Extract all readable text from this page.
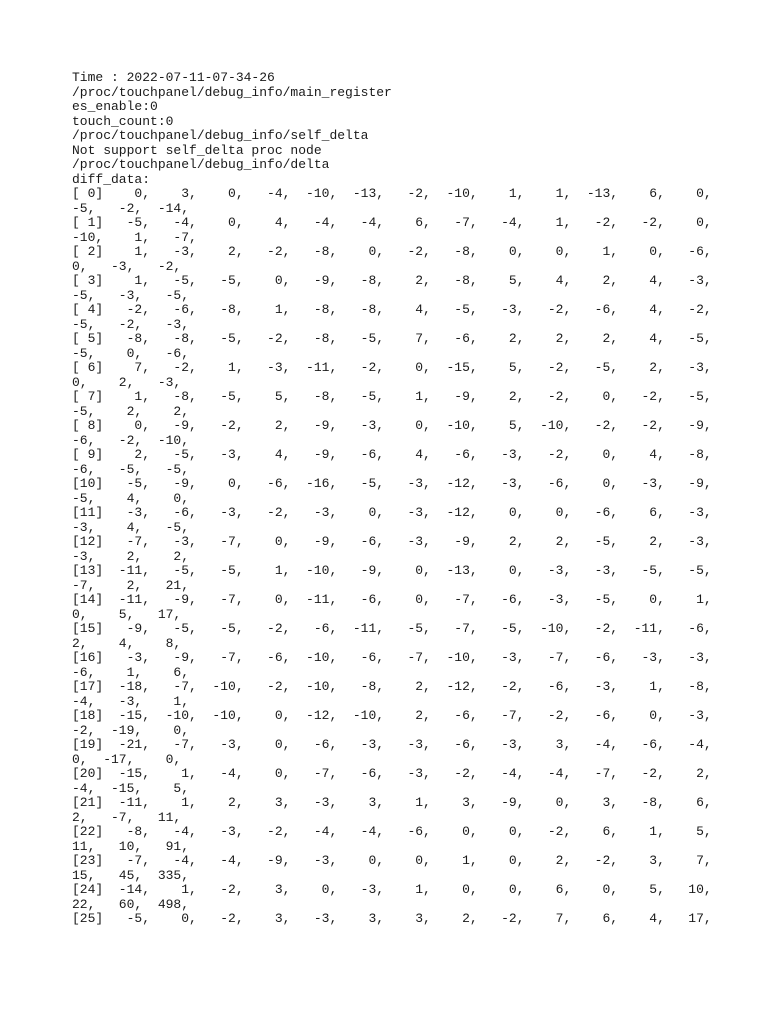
Time : 2022-07-11-07-34-26
/proc/touchpanel/debug_info/main_register
es_enable:0
touch_count:0
/proc/touchpanel/debug_info/self_delta
Not support self_delta proc node
/proc/touchpanel/debug_info/delta
diff_data:
[ 0]    0,    3,    0,   -4,  -10,  -13,   -2,  -10,    1,    1,  -13,    6,    0,
-5,   -2,  -14,
[ 1]   -5,   -4,    0,    4,   -4,   -4,    6,   -7,   -4,    1,   -2,   -2,    0,
-10,    1,   -7,
[ 2]    1,   -3,    2,   -2,   -8,    0,   -2,   -8,    0,    0,    1,    0,   -6,
0,   -3,   -2,
[ 3]    1,   -5,   -5,    0,   -9,   -8,    2,   -8,    5,    4,    2,    4,   -3,
-5,   -3,   -5,
[ 4]   -2,   -6,   -8,    1,   -8,   -8,    4,   -5,   -3,   -2,   -6,    4,   -2,
-5,   -2,   -3,
[ 5]   -8,   -8,   -5,   -2,   -8,   -5,    7,   -6,    2,    2,    2,    4,   -5,
-5,    0,   -6,
[ 6]    7,   -2,    1,   -3,  -11,   -2,    0,  -15,    5,   -2,   -5,    2,   -3,
0,    2,   -3,
[ 7]    1,   -8,   -5,    5,   -8,   -5,    1,   -9,    2,   -2,    0,   -2,   -5,
-5,    2,    2,
[ 8]    0,   -9,   -2,    2,   -9,   -3,    0,  -10,    5,  -10,   -2,   -2,   -9,
-6,   -2,  -10,
[ 9]    2,   -5,   -3,    4,   -9,   -6,    4,   -6,   -3,   -2,    0,    4,   -8,
-6,   -5,   -5,
[10]   -5,   -9,    0,   -6,  -16,   -5,   -3,  -12,   -3,   -6,    0,   -3,   -9,
-5,    4,    0,
[11]   -3,   -6,   -3,   -2,   -3,    0,   -3,  -12,    0,    0,   -6,    6,   -3,
-3,    4,   -5,
[12]   -7,   -3,   -7,    0,   -9,   -6,   -3,   -9,    2,    2,   -5,    2,   -3,
-3,    2,    2,
[13]  -11,   -5,   -5,    1,  -10,   -9,    0,  -13,    0,   -3,   -3,   -5,   -5,
-7,    2,   21,
[14]  -11,   -9,   -7,    0,  -11,   -6,    0,   -7,   -6,   -3,   -5,    0,    1,
0,    5,   17,
[15]   -9,   -5,   -5,   -2,   -6,  -11,   -5,   -7,   -5,  -10,   -2,  -11,   -6,
2,    4,    8,
[16]   -3,   -9,   -7,   -6,  -10,   -6,   -7,  -10,   -3,   -7,   -6,   -3,   -3,
-6,    1,    6,
[17]  -18,   -7,  -10,   -2,  -10,   -8,    2,  -12,   -2,   -6,   -3,    1,   -8,
-4,   -3,    1,
[18]  -15,  -10,  -10,    0,  -12,  -10,    2,   -6,   -7,   -2,   -6,    0,   -3,
-2,  -19,    0,
[19]  -21,   -7,   -3,    0,   -6,   -3,   -3,   -6,   -3,    3,   -4,   -6,   -4,
0,  -17,    0,
[20]  -15,    1,   -4,    0,   -7,   -6,   -3,   -2,   -4,   -4,   -7,   -2,    2,
-4,  -15,    5,
[21]  -11,    1,    2,    3,   -3,    3,    1,    3,   -9,    0,    3,   -8,    6,
2,   -7,   11,
[22]   -8,   -4,   -3,   -2,   -4,   -4,   -6,    0,    0,   -2,    6,    1,    5,
11,   10,   91,
[23]   -7,   -4,   -4,   -9,   -3,    0,    0,    1,    0,    2,   -2,    3,    7,
15,   45,  335,
[24]  -14,    1,   -2,    3,    0,   -3,    1,    0,    0,    6,    0,    5,   10,
22,   60,  498,
[25]   -5,    0,   -2,    3,   -3,    3,    3,    2,   -2,    7,    6,    4,   17,
